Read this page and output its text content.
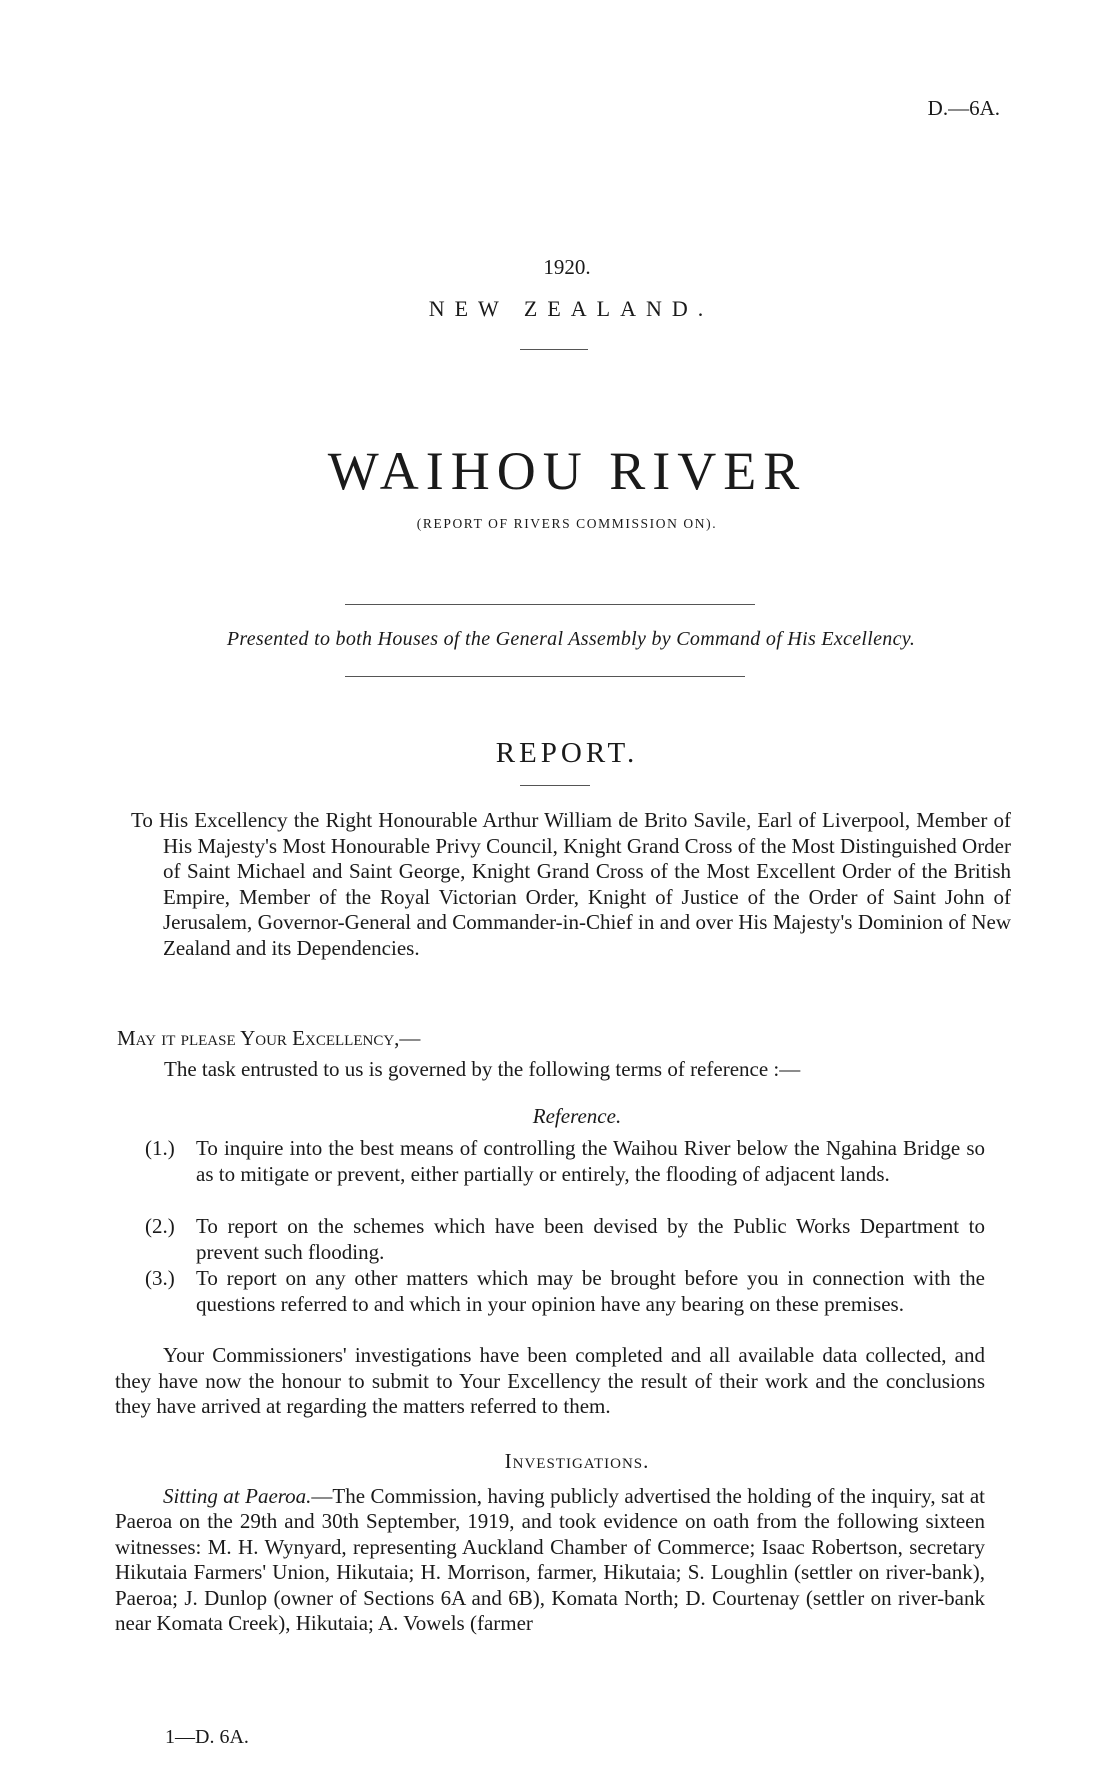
D.—6A.
1920.
NEW ZEALAND.
WAIHOU RIVER
(REPORT OF RIVERS COMMISSION ON).
Presented to both Houses of the General Assembly by Command of His Excellency.
REPORT.

To His Excellency the Right Honourable Arthur William de Brito Savile, Earl of Liverpool, Member of His Majesty's Most Honourable Privy Council, Knight Grand Cross of the Most Distinguished Order of Saint Michael and Saint George, Knight Grand Cross of the Most Excellent Order of the British Empire, Member of the Royal Victorian Order, Knight of Justice of the Order of Saint John of Jerusalem, Governor-General and Commander-in-Chief in and over His Majesty's Dominion of New Zealand and its Dependencies.

May it please Your Excellency,—
The task entrusted to us is governed by the following terms of reference :—
Reference.
(1.) To inquire into the best means of controlling the Waihou River below the Ngahina Bridge so as to mitigate or prevent, either partially or entirely, the flooding of adjacent lands.
(2.) To report on the schemes which have been devised by the Public Works Department to prevent such flooding.
(3.) To report on any other matters which may be brought before you in connection with the questions referred to and which in your opinion have any bearing on these premises.

Your Commissioners' investigations have been completed and all available data collected, and they have now the honour to submit to Your Excellency the result of their work and the conclusions they have arrived at regarding the matters referred to them.

Investigations.

Sitting at Paeroa.—The Commission, having publicly advertised the holding of the inquiry, sat at Paeroa on the 29th and 30th September, 1919, and took evidence on oath from the following sixteen witnesses: M. H. Wynyard, representing Auckland Chamber of Commerce; Isaac Robertson, secretary Hikutaia Farmers' Union, Hikutaia; H. Morrison, farmer, Hikutaia; S. Loughlin (settler on river-bank), Paeroa; J. Dunlop (owner of Sections 6A and 6B), Komata North; D. Courtenay (settler on river-bank near Komata Creek), Hikutaia; A. Vowels (farmer

1—D. 6A.
